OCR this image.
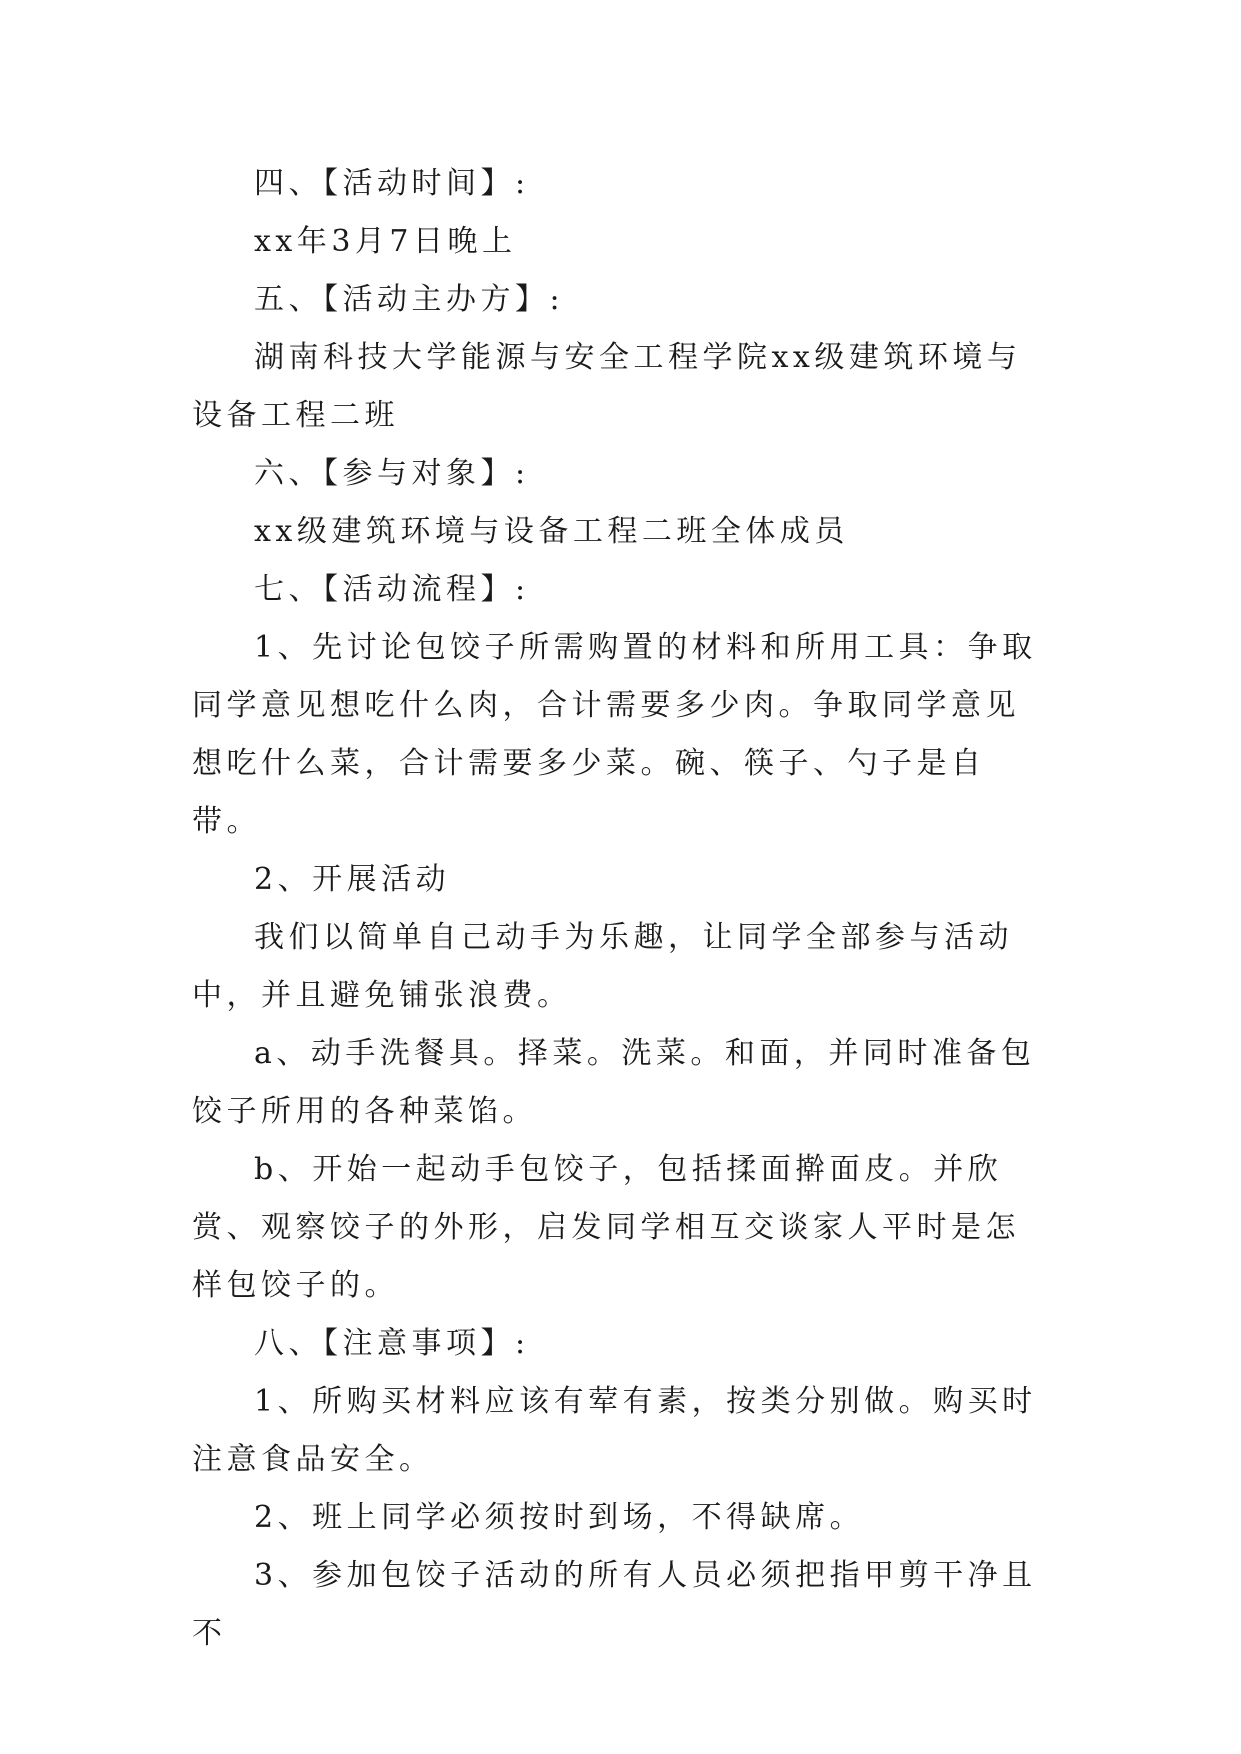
四、【活动时间】:

xx年3月7日晚上

五、【活动主办方】:

湖南科技大学能源与安全工程学院xx级建筑环境与设备工程二班

六、【参与对象】:

xx级建筑环境与设备工程二班全体成员

七、【活动流程】:

1、先讨论包饺子所需购置的材料和所用工具：争取同学意见想吃什么肉，合计需要多少肉。争取同学意见想吃什么菜，合计需要多少菜。碗、筷子、勺子是自带。

2、开展活动

我们以简单自己动手为乐趣，让同学全部参与活动中，并且避免铺张浪费。

a、动手洗餐具。择菜。洗菜。和面，并同时准备包饺子所用的各种菜馅。

b、开始一起动手包饺子，包括揉面擀面皮。并欣赏、观察饺子的外形，启发同学相互交谈家人平时是怎样包饺子的。

八、【注意事项】:

1、所购买材料应该有荤有素，按类分别做。购买时注意食品安全。

2、班上同学必须按时到场，不得缺席。

3、参加包饺子活动的所有人员必须把指甲剪干净且不
